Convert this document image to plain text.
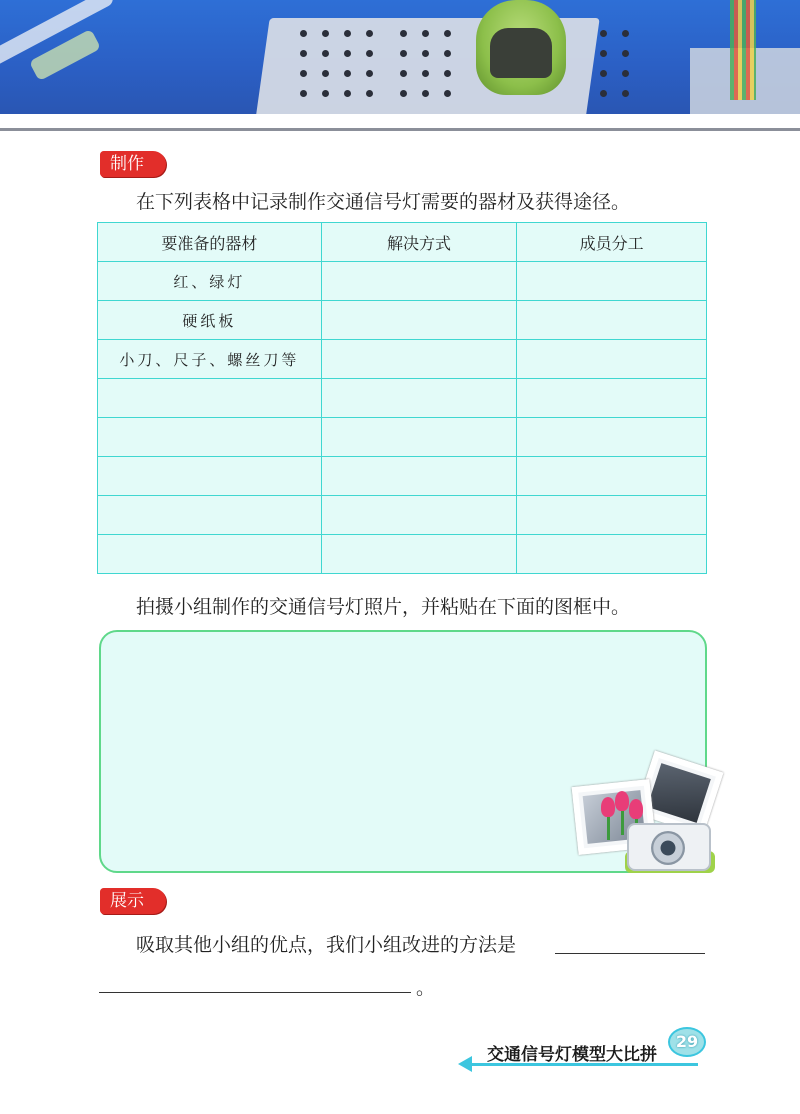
制作
在下列表格中记录制作交通信号灯需要的器材及获得途径。
要准备的器材	解决方式	成员分工
红、绿灯		
硬纸板		
小刀、尺子、螺丝刀等		

拍摄小组制作的交通信号灯照片，并粘贴在下面的图框中。
展示
吸取其他小组的优点，我们小组改进的方法是
。
交通信号灯模型大比拼
29
